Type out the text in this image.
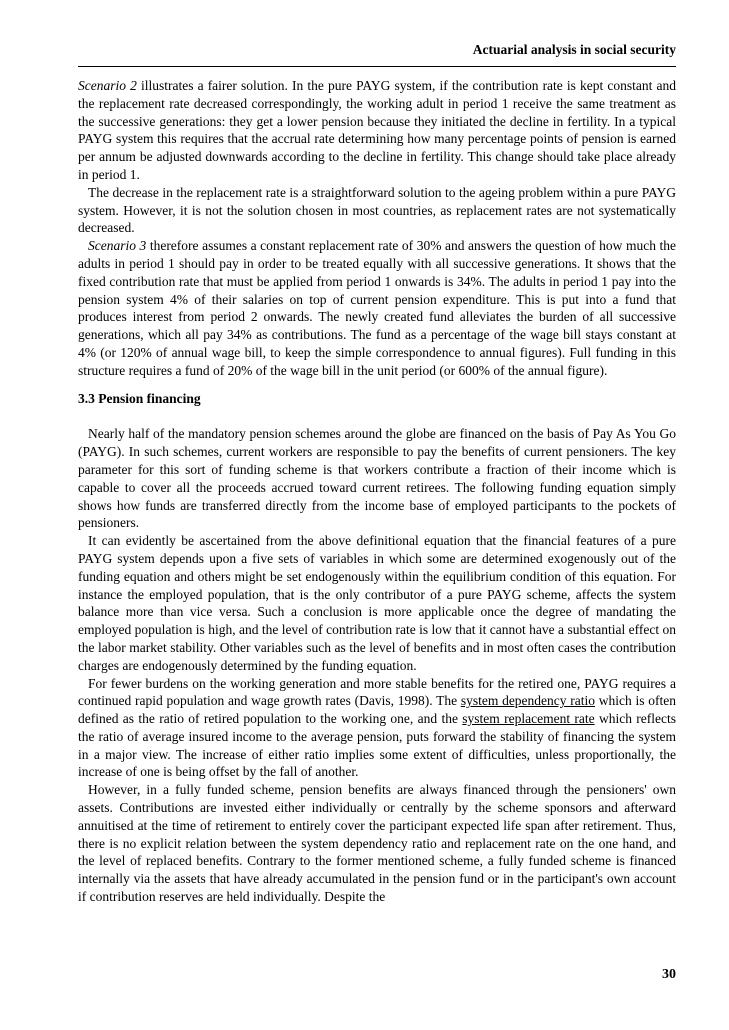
Actuarial analysis in social security

Scenario 2 illustrates a fairer solution. In the pure PAYG system, if the contribution rate is kept constant and the replacement rate decreased correspondingly, the working adult in period 1 receive the same treatment as the successive generations: they get a lower pension because they initiated the decline in fertility. In a typical PAYG system this requires that the accrual rate determining how many percentage points of pension is earned per annum be adjusted downwards according to the decline in fertility. This change should take place already in period 1.

The decrease in the replacement rate is a straightforward solution to the ageing problem within a pure PAYG system. However, it is not the solution chosen in most countries, as replacement rates are not systematically decreased.

Scenario 3 therefore assumes a constant replacement rate of 30% and answers the question of how much the adults in period 1 should pay in order to be treated equally with all successive generations. It shows that the fixed contribution rate that must be applied from period 1 onwards is 34%. The adults in period 1 pay into the pension system 4% of their salaries on top of current pension expenditure. This is put into a fund that produces interest from period 2 onwards. The newly created fund alleviates the burden of all successive generations, which all pay 34% as contributions. The fund as a percentage of the wage bill stays constant at 4% (or 120% of annual wage bill, to keep the simple correspondence to annual figures). Full funding in this structure requires a fund of 20% of the wage bill in the unit period (or 600% of the annual figure).

3.3 Pension financing

Nearly half of the mandatory pension schemes around the globe are financed on the basis of Pay As You Go (PAYG). In such schemes, current workers are responsible to pay the benefits of current pensioners. The key parameter for this sort of funding scheme is that workers contribute a fraction of their income which is capable to cover all the proceeds accrued toward current retirees. The following funding equation simply shows how funds are transferred directly from the income base of employed participants to the pockets of pensioners.

It can evidently be ascertained from the above definitional equation that the financial features of a pure PAYG system depends upon a five sets of variables in which some are determined exogenously out of the funding equation and others might be set endogenously within the equilibrium condition of this equation. For instance the employed population, that is the only contributor of a pure PAYG scheme, affects the system balance more than vice versa. Such a conclusion is more applicable once the degree of mandating the employed population is high, and the level of contribution rate is low that it cannot have a substantial effect on the labor market stability. Other variables such as the level of benefits and in most often cases the contribution charges are endogenously determined by the funding equation.

For fewer burdens on the working generation and more stable benefits for the retired one, PAYG requires a continued rapid population and wage growth rates (Davis, 1998). The system dependency ratio which is often defined as the ratio of retired population to the working one, and the system replacement rate which reflects the ratio of average insured income to the average pension, puts forward the stability of financing the system in a major view. The increase of either ratio implies some extent of difficulties, unless proportionally, the increase of one is being offset by the fall of another.

However, in a fully funded scheme, pension benefits are always financed through the pensioners' own assets. Contributions are invested either individually or centrally by the scheme sponsors and afterward annuitised at the time of retirement to entirely cover the participant expected life span after retirement. Thus, there is no explicit relation between the system dependency ratio and replacement rate on the one hand, and the level of replaced benefits. Contrary to the former mentioned scheme, a fully funded scheme is financed internally via the assets that have already accumulated in the pension fund or in the participant's own account if contribution reserves are held individually. Despite the

30
